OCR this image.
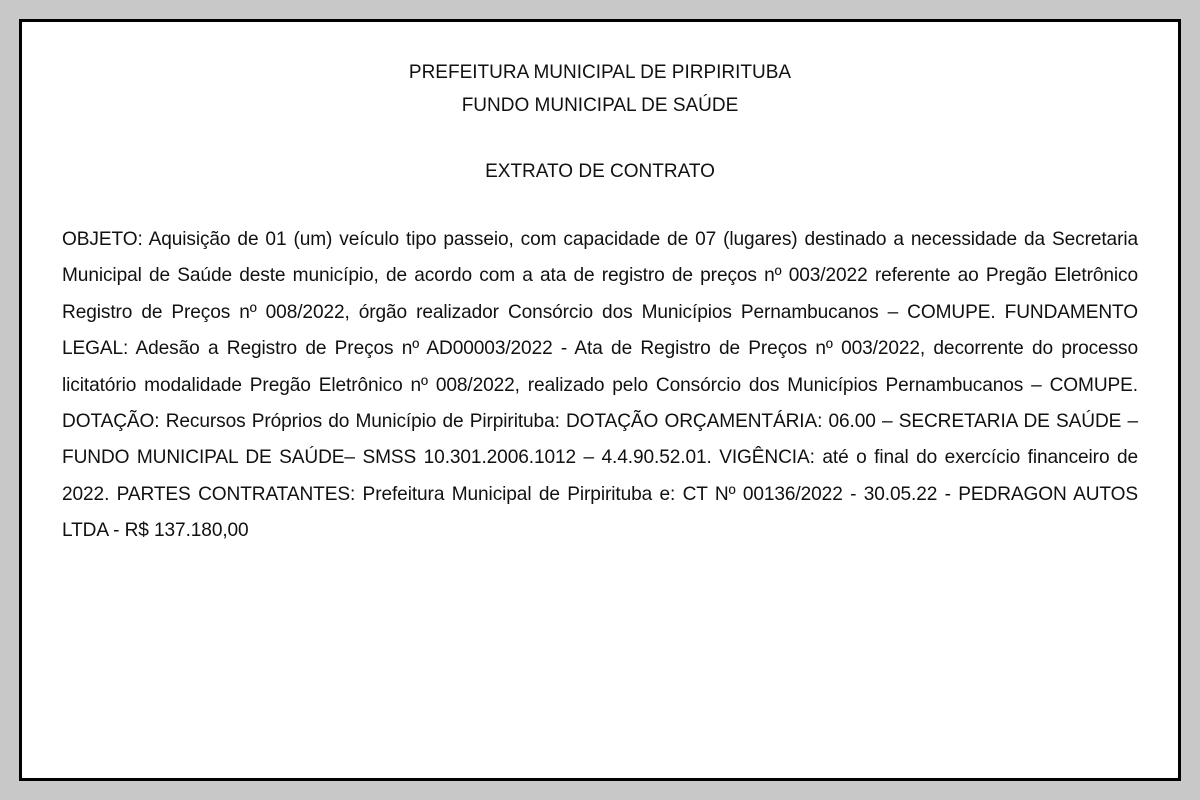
PREFEITURA MUNICIPAL DE PIRPIRITUBA

FUNDO MUNICIPAL DE SAÚDE

EXTRATO DE CONTRATO

OBJETO: Aquisição de 01 (um) veículo tipo passeio, com capacidade de 07 (lugares) destinado a necessidade da Secretaria Municipal de Saúde deste município, de acordo com a ata de registro de preços nº 003/2022 referente ao Pregão Eletrônico Registro de Preços nº 008/2022, órgão realizador Consórcio dos Municípios Pernambucanos – COMUPE. FUNDAMENTO LEGAL: Adesão a Registro de Preços nº AD00003/2022 - Ata de Registro de Preços nº 003/2022, decorrente do processo licitatório modalidade Pregão Eletrônico nº 008/2022, realizado pelo Consórcio dos Municípios Pernambucanos – COMUPE. DOTAÇÃO: Recursos Próprios do Município de Pirpirituba: DOTAÇÃO ORÇAMENTÁRIA: 06.00 – SECRETARIA DE SAÚDE – FUNDO MUNICIPAL DE SAÚDE– SMSS 10.301.2006.1012 – 4.4.90.52.01. VIGÊNCIA: até o final do exercício financeiro de 2022. PARTES CONTRATANTES: Prefeitura Municipal de Pirpirituba e: CT Nº 00136/2022 - 30.05.22 - PEDRAGON AUTOS LTDA - R$ 137.180,00
